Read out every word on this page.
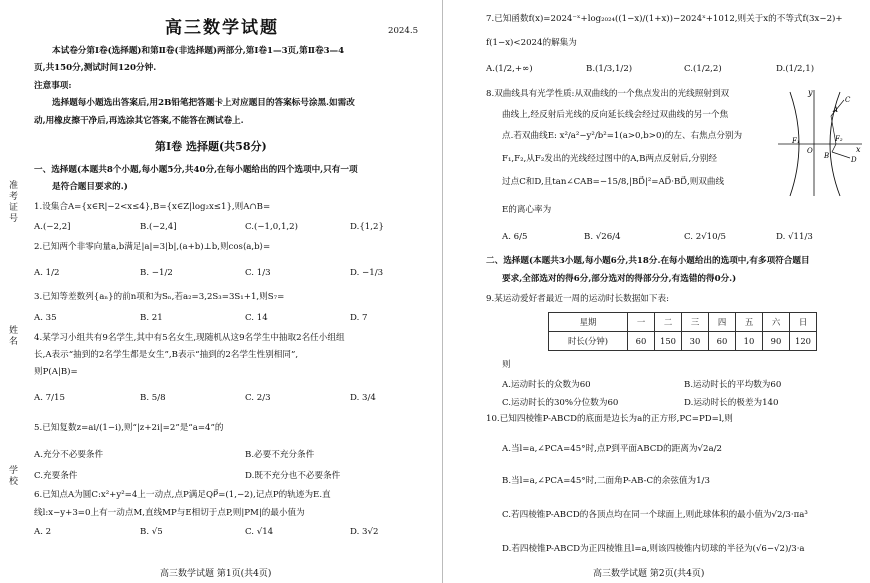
准考证号
姓名
学校
高三数学试题	2024.5
本试卷分第Ⅰ卷(选择题)和第Ⅱ卷(非选择题)两部分,第Ⅰ卷1—3页,第Ⅱ卷3—4
页,共150分,测试时间120分钟.
注意事项:
选择题每小题选出答案后,用2B铅笔把答题卡上对应题目的答案标号涂黑.如需改
动,用橡皮擦干净后,再选涂其它答案,不能答在测试卷上.
第Ⅰ卷 选择题(共58分)
一、选择题(本题共8个小题,每小题5分,共40分,在每小题给出的四个选项中,只有一项
是符合题目要求的.)
1.设集合A={x∈R|−2<x≤4},B={x∈Z|log₂x≤1},则A∩B=
A.(−2,2]	B.(−2,4]	C.(−1,0,1,2)	D.{1,2}
2.已知两个非零向量a,b满足|a|=3|b|,(a+b)⊥b,则cos⟨a,b⟩=
A. 1/2	B. −1/2	C. 1/3	D. −1/3
3.已知等差数列{aₙ}的前n项和为Sₙ,若a₂=3,2S₃=3S₁+1,则S₇=
A. 35	B. 21	C. 14	D. 7
4.某学习小组共有9名学生,其中有5名女生,现随机从这9名学生中抽取2名任小组组
长,A表示“抽到的2名学生都是女生”,B表示“抽到的2名学生性别相同”,
则P(A|B)=
A. 7/15	B. 5/8	C. 2/3	D. 3/4
5.已知复数z=ai/(1−i),则“|z+2i|=2”是“a=4”的
A.充分不必要条件	B.必要不充分条件
C.充要条件	D.既不充分也不必要条件
6.已知点A为圆C:x²+y²=4上一动点,点P满足QP⃗=(1,−2),记点P的轨迹为E.直
线l:x−y+3=0上有一动点M,直线MP与E相切于点P,则|PM|的最小值为
A. 2	B. √5	C. √14	D. 3√2
高三数学试题 第1页(共4页)
7.已知函数f(x)=2024⁻ˣ+log₂₀₂₄((1−x)/(1+x))−2024ˣ+1012,则关于x的不等式f(3x−2)+
f(1−x)<2024的解集为
A.(1/2,+∞)	B.(1/3,1/2)	C.(1/2,2)	D.(1/2,1)
8.双曲线具有光学性质:从双曲线的一个焦点发出的光线照射到双
曲线上,经反射后光线的反向延长线会经过双曲线的另一个焦
点.若双曲线E: x²/a²−y²/b²=1(a>0,b>0)的左、右焦点分别为
F₁,F₂,从F₂发出的光线经过图中的A,B两点反射后,分别经
过点C和D,且tan∠CAB=−15/8,|BD⃗|²=AD⃗·BD⃗,则双曲线
E的离心率为
y
x
O
F₁	F₂
A
C
B	D
A. 6/5	B. √26/4	C. 2√10/5	D. √11/3
二、选择题(本题共3小题,每小题6分,共18分.在每小题给出的选项中,有多项符合题目
要求,全部选对的得6分,部分选对的得部分分,有选错的得0分.)
9.某运动爱好者最近一周的运动时长数据如下表:
星期	一	二	三	四	五	六	日
时长(分钟)	60	150	30	60	10	90	120
则
A.运动时长的众数为60	B.运动时长的平均数为60
C.运动时长的30%分位数为60	D.运动时长的极差为140
10.已知四棱锥P-ABCD的底面是边长为a的正方形,PC=PD=l,则
A.当l=a,∠PCA=45°时,点P到平面ABCD的距离为√2a/2
B.当l=a,∠PCA=45°时,二面角P-AB-C的余弦值为1/3
C.若四棱锥P-ABCD的各顶点均在同一个球面上,则此球体积的最小值为√2/3·πa³
D.若四棱锥P-ABCD为正四棱锥且l=a,则该四棱锥内切球的半径为(√6−√2)/3·a
高三数学试题 第2页(共4页)
